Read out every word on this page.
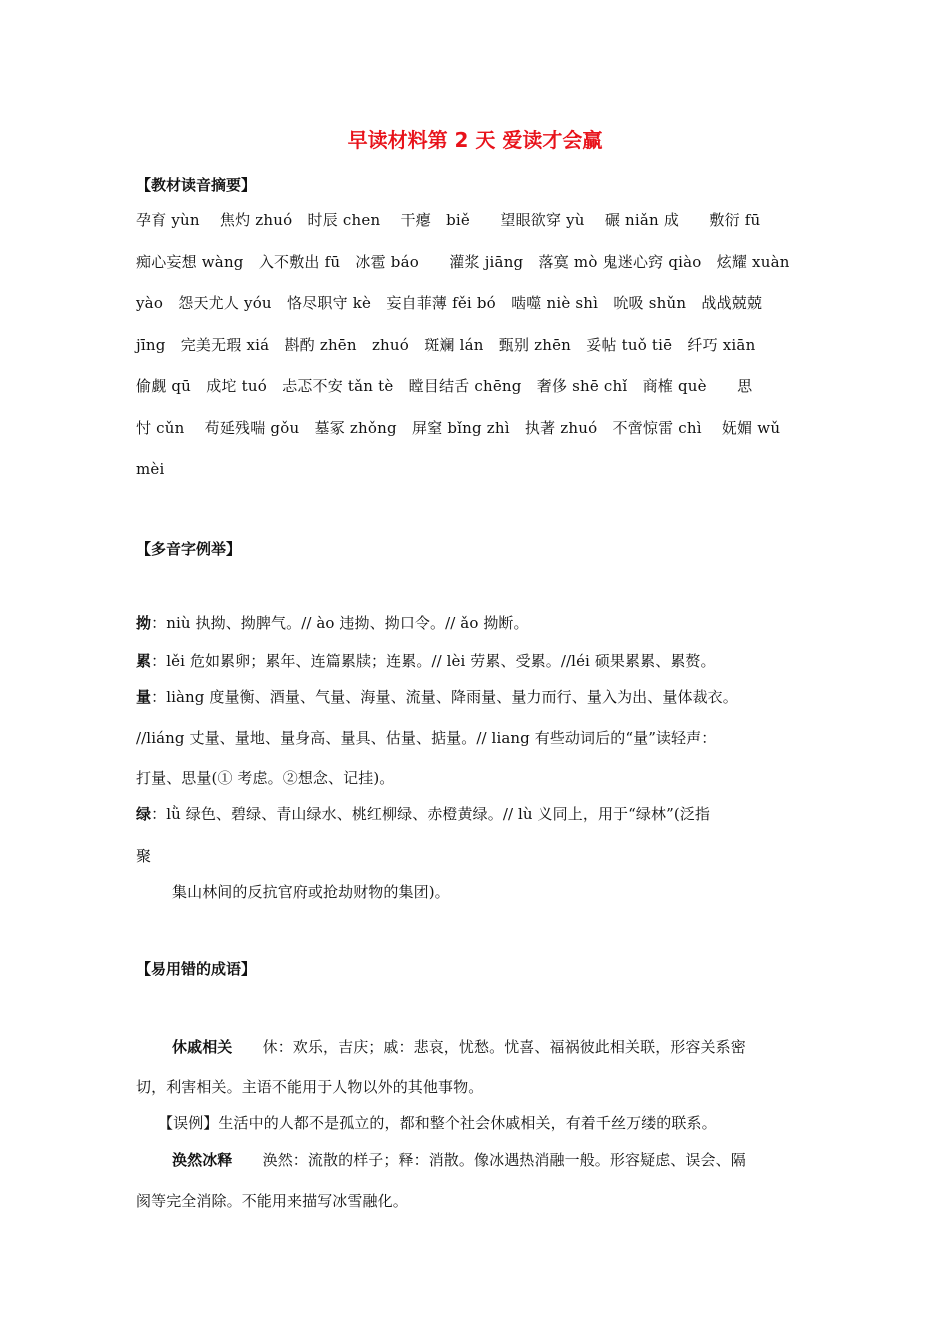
早读材料第 2 天 爱读才会赢
【教材读音摘要】
孕育 yùn　 焦灼 zhuó　时辰 chen　 干瘪　biě　　望眼欲穿 yù　 碾 niǎn 成　　敷衍 fū
痴心妄想 wàng　入不敷出 fū　冰雹 báo　　灌浆 jiāng　落寞 mò 鬼迷心窍 qiào　炫耀 xuàn
yào　怨天尤人 yóu　恪尽职守 kè　妄自菲薄 fěi bó　啮噬 niè shì　吮吸 shǔn　战战兢兢
jīng　完美无瑕 xiá　斟酌 zhēn　zhuó　斑斓 lán　甄别 zhēn　妥帖 tuǒ tiē　纤巧 xiān
偷觑 qū　成坨 tuó　忐忑不安 tǎn tè　瞠目结舌 chēng　奢侈 shē chǐ　商榷 què　　思
忖 cǔn　 苟延残喘 gǒu　墓冢 zhǒng　屏窒 bǐng zhì　执著 zhuó　不啻惊雷 chì　 妩媚 wǔ
mèi
【多音字例举】
拗：niù 执拗、拗脾气。// ào 违拗、拗口令。// ǎo 拗断。
累：lěi 危如累卵；累年、连篇累牍；连累。// lèi 劳累、受累。//léi 硕果累累、累赘。
量：liàng 度量衡、酒量、气量、海量、流量、降雨量、量力而行、量入为出、量体裁衣。
//liáng 丈量、量地、量身高、量具、估量、掂量。// liang 有些动词后的“量”读轻声：
打量、思量(① 考虑。②想念、记挂)。
绿：lǜ 绿色、碧绿、青山绿水、桃红柳绿、赤橙黄绿。// lù 义同上，用于“绿林”(泛指
聚
集山林间的反抗官府或抢劫财物的集团)。
【易用错的成语】
休戚相关　　休：欢乐，吉庆；戚：悲哀，忧愁。忧喜、福祸彼此相关联，形容关系密
切，利害相关。主语不能用于人物以外的其他事物。
【误例】生活中的人都不是孤立的，都和整个社会休戚相关，有着千丝万缕的联系。
涣然冰释　　涣然：流散的样子；释：消散。像冰遇热消融一般。形容疑虑、误会、隔
阂等完全消除。不能用来描写冰雪融化。
